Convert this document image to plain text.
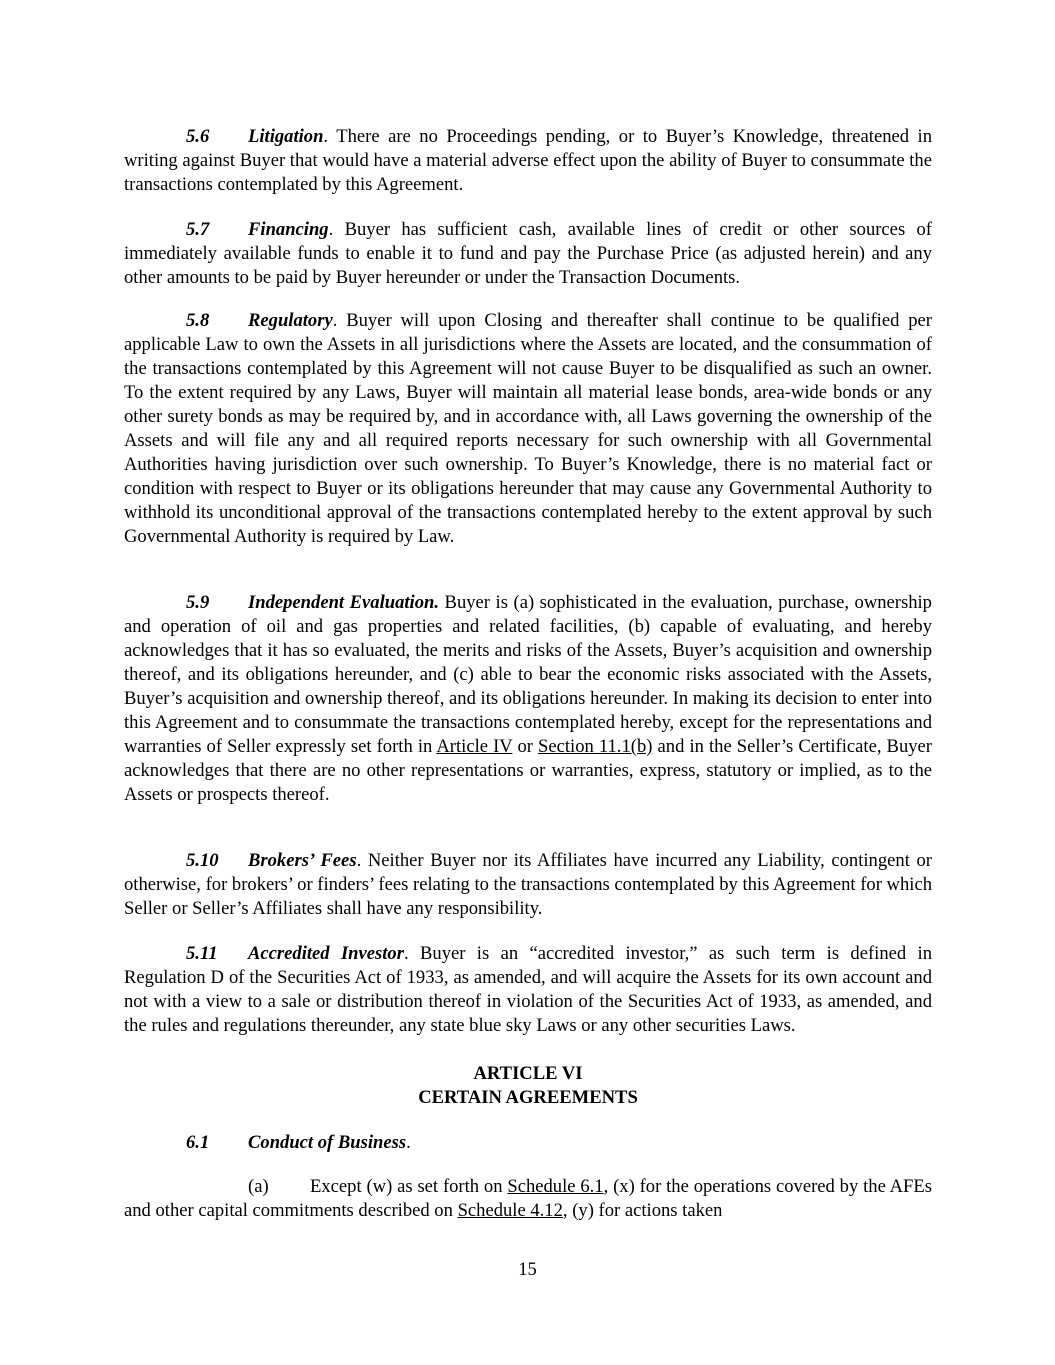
5.6 Litigation. There are no Proceedings pending, or to Buyer’s Knowledge, threatened in writing against Buyer that would have a material adverse effect upon the ability of Buyer to consummate the transactions contemplated by this Agreement.

5.7 Financing. Buyer has sufficient cash, available lines of credit or other sources of immediately available funds to enable it to fund and pay the Purchase Price (as adjusted herein) and any other amounts to be paid by Buyer hereunder or under the Transaction Documents.

5.8 Regulatory. Buyer will upon Closing and thereafter shall continue to be qualified per applicable Law to own the Assets in all jurisdictions where the Assets are located, and the consummation of the transactions contemplated by this Agreement will not cause Buyer to be disqualified as such an owner. To the extent required by any Laws, Buyer will maintain all material lease bonds, area-wide bonds or any other surety bonds as may be required by, and in accordance with, all Laws governing the ownership of the Assets and will file any and all required reports necessary for such ownership with all Governmental Authorities having jurisdiction over such ownership. To Buyer’s Knowledge, there is no material fact or condition with respect to Buyer or its obligations hereunder that may cause any Governmental Authority to withhold its unconditional approval of the transactions contemplated hereby to the extent approval by such Governmental Authority is required by Law.

5.9 Independent Evaluation. Buyer is (a) sophisticated in the evaluation, purchase, ownership and operation of oil and gas properties and related facilities, (b) capable of evaluating, and hereby acknowledges that it has so evaluated, the merits and risks of the Assets, Buyer’s acquisition and ownership thereof, and its obligations hereunder, and (c) able to bear the economic risks associated with the Assets, Buyer’s acquisition and ownership thereof, and its obligations hereunder. In making its decision to enter into this Agreement and to consummate the transactions contemplated hereby, except for the representations and warranties of Seller expressly set forth in Article IV or Section 11.1(b) and in the Seller’s Certificate, Buyer acknowledges that there are no other representations or warranties, express, statutory or implied, as to the Assets or prospects thereof.

5.10 Brokers’ Fees. Neither Buyer nor its Affiliates have incurred any Liability, contingent or otherwise, for brokers’ or finders’ fees relating to the transactions contemplated by this Agreement for which Seller or Seller’s Affiliates shall have any responsibility.

5.11 Accredited Investor. Buyer is an “accredited investor,” as such term is defined in Regulation D of the Securities Act of 1933, as amended, and will acquire the Assets for its own account and not with a view to a sale or distribution thereof in violation of the Securities Act of 1933, as amended, and the rules and regulations thereunder, any state blue sky Laws or any other securities Laws.

ARTICLE VI

CERTAIN AGREEMENTS

6.1 Conduct of Business.

(a) Except (w) as set forth on Schedule 6.1, (x) for the operations covered by the AFEs and other capital commitments described on Schedule 4.12, (y) for actions taken

15
